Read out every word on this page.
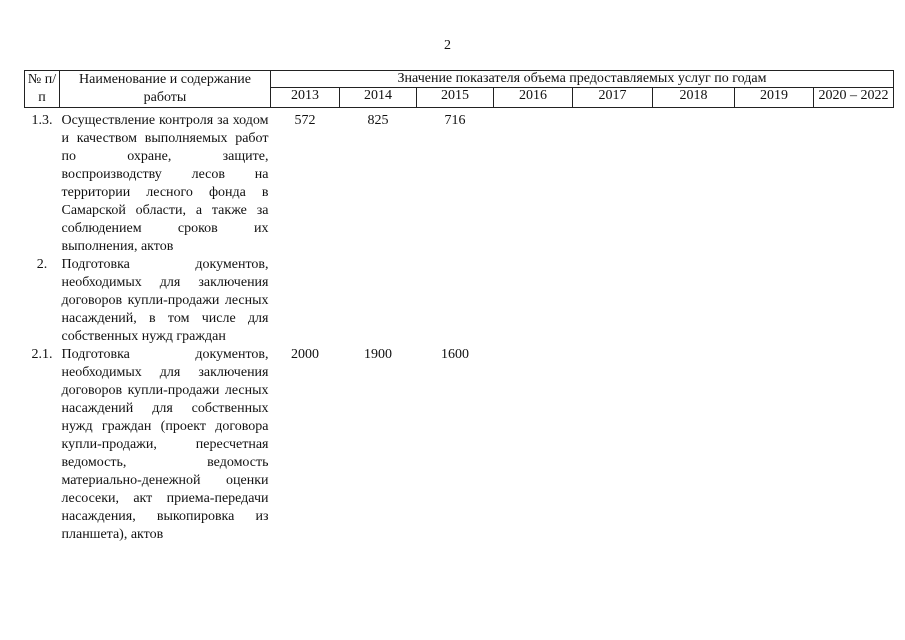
2
№ п/п	Наименование и содержание работы	Значение показателя объема предоставляемых услуг по годам							
		2013	2014	2015	2016	2017	2018	2019	2020 – 2022
1.3.	Осуществление контроля за ходом и качеством выполняемых работ по охране, защите, воспроизводству лесов на территории лесного фонда в Самарской области, а также за соблюдением сроков их выполнения, актов	572	825	716					
2.	Подготовка документов, необходимых для заключения договоров купли-продажи лесных насаждений, в том числе для собственных нужд граждан								
2.1.	Подготовка документов, необходимых для заключения договоров купли-продажи лесных насаждений для собственных нужд граждан (проект договора купли-продажи, пересчетная ведомость, ведомость материально-денежной оценки лесосеки, акт приема-передачи насаждения, выкопировка из планшета), актов	2000	1900	1600					
